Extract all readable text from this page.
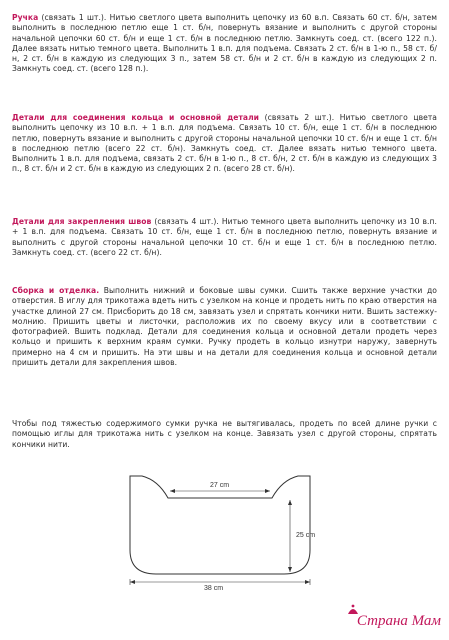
Ручка (связать 1 шт.). Нитью светлого цвета выполнить цепочку из 60 в.п. Связать 60 ст. б/н, затем выполнить в последнюю петлю еще 1 ст. б/н, повернуть вязание и выполнить с другой стороны начальной цепочки 60 ст. б/н и еще 1 ст. б/н в последнюю петлю. Замкнуть соед. ст. (всего 122 п.). Далее вязать нитью темного цвета. Выполнить 1 в.п. для подъема. Связать 2 ст. б/н в 1-ю п., 58 ст. б/н, 2 ст. б/н в каждую из следующих 3 п., затем 58 ст. б/н и 2 ст. б/н в каждую из следующих 2 п. Замкнуть соед. ст. (всего 128 п.).
Детали для соединения кольца и основной детали (связать 2 шт.). Нитью светлого цвета выполнить цепочку из 10 в.п. + 1 в.п. для подъема. Связать 10 ст. б/н, еще 1 ст. б/н в последнюю петлю, повернуть вязание и выполнить с другой стороны начальной цепочки 10 ст. б/н и еще 1 ст. б/н в последнюю петлю (всего 22 ст. б/н). Замкнуть соед. ст. Далее вязать нитью темного цвета. Выполнить 1 в.п. для подъема, связать 2 ст. б/н в 1-ю п., 8 ст. б/н, 2 ст. б/н в каждую из следующих 3 п., 8 ст. б/н и 2 ст. б/н в каждую из следующих 2 п. (всего 28 ст. б/н).
Детали для закрепления швов (связать 4 шт.). Нитью темного цвета выполнить цепочку из 10 в.п. + 1 в.п. для подъема. Связать 10 ст. б/н, еще 1 ст. б/н в последнюю петлю, повернуть вязание и выполнить с другой стороны начальной цепочки 10 ст. б/н и еще 1 ст. б/н в последнюю петлю. Замкнуть соед. ст. (всего 22 ст. б/н).
Сборка и отделка. Выполнить нижний и боковые швы сумки. Сшить также верхние участки до отверстия. В иглу для трикотажа вдеть нить с узелком на конце и продеть нить по краю отверстия на участке длиной 27 см. Присборить до 18 см, завязать узел и спрятать кончики нити. Вшить застежку-молнию. Пришить цветы и листочки, расположив их по своему вкусу или в соответствии с фотографией. Вшить подклад. Детали для соединения кольца и основной детали продеть через кольцо и пришить к верхним краям сумки. Ручку продеть в кольцо изнутри наружу, завернуть примерно на 4 см и пришить. На эти швы и на детали для соединения кольца и основной детали пришить детали для закрепления швов.
Чтобы под тяжестью содержимого сумки ручка не вытягивалась, продеть по всей длине ручки с помощью иглы для трикотажа нить с узелком на конце. Завязать узел с другой стороны, спрятать кончики нити.
27 cm
25 cm
38 cm
Страна Мам
